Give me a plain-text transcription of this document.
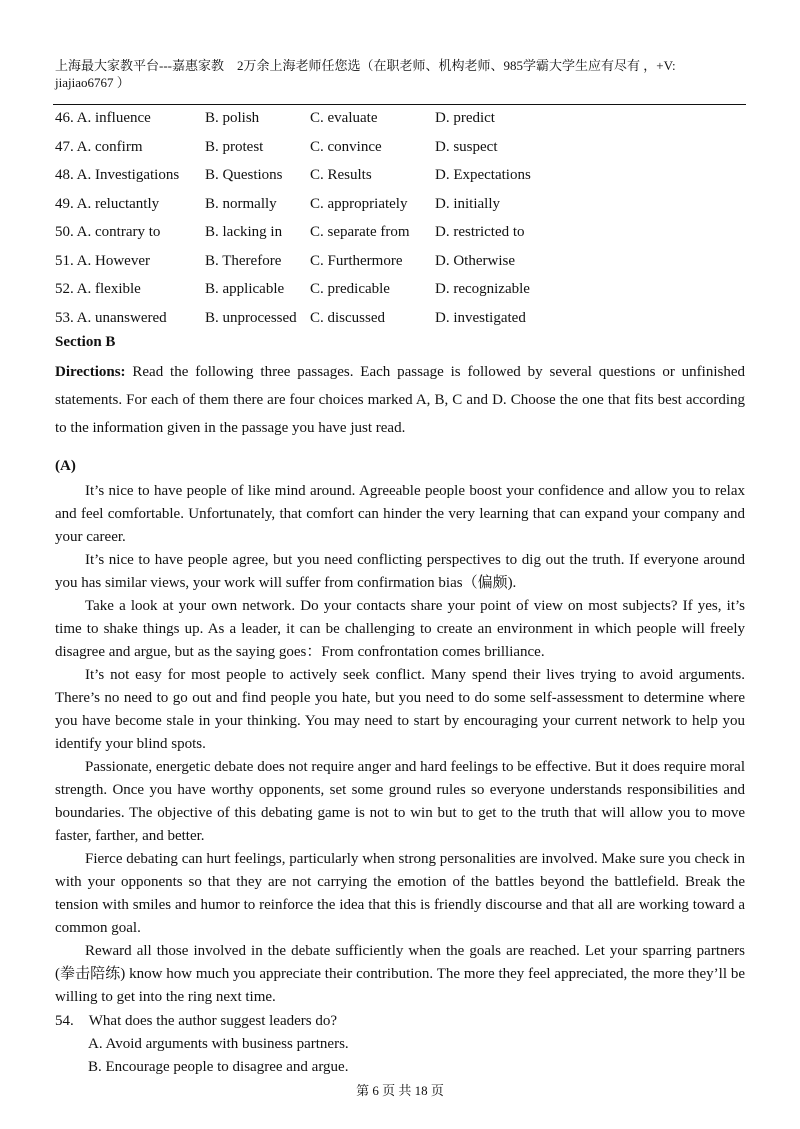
上海最大家教平台---嘉惠家教　2万余上海老师任您选（在职老师、机构老师、985学霸大学生应有尽有 ，+V:
jiajiao6767 ）
46. A. influence	B. polish	C. evaluate	D. predict
47. A. confirm	B. protest	C. convince	D. suspect
48. A. Investigations B. Questions C. Results	D. Expectations
49. A. reluctantly	B. normally C. appropriately D. initially
50. A. contrary to	B. lacking in C. separate from D. restricted to
51. A. However	B. Therefore C. Furthermore D. Otherwise
52. A. flexible	B. applicable C. predicable	D. recognizable
53. A. unanswered	B. unprocessed C. discussed	D. investigated
Section B
Directions: Read the following three passages. Each passage is followed by several questions or unfinished statements. For each of them there are four choices marked A, B, C and D. Choose the one that fits best according to the information given in the passage you have just read.
(A)

It’s nice to have people of like mind around. Agreeable people boost your confidence and allow you to relax and feel comfortable. Unfortunately, that comfort can hinder the very learning that can expand your company and your career.

It’s nice to have people agree, but you need conflicting perspectives to dig out the truth. If everyone around you has similar views, your work will suffer from confirmation bias（偏颇).

Take a look at your own network. Do your contacts share your point of view on most subjects? If yes, it’s time to shake things up. As a leader, it can be challenging to create an environment in which people will freely disagree and argue, but as the saying goes：From confrontation comes brilliance.

It’s not easy for most people to actively seek conflict. Many spend their lives trying to avoid arguments. There’s no need to go out and find people you hate, but you need to do some self-assessment to determine where you have become stale in your thinking. You may need to start by encouraging your current network to help you identify your blind spots.

Passionate, energetic debate does not require anger and hard feelings to be effective. But it does require moral strength. Once you have worthy opponents, set some ground rules so everyone understands responsibilities and boundaries. The objective of this debating game is not to win but to get to the truth that will allow you to move faster, farther, and better.

Fierce debating can hurt feelings, particularly when strong personalities are involved. Make sure you check in with your opponents so that they are not carrying the emotion of the battles beyond the battlefield. Break the tension with smiles and humor to reinforce the idea that this is friendly discourse and that all are working toward a common goal.

Reward all those involved in the debate sufficiently when the goals are reached. Let your sparring partners (拳击陪练) know how much you appreciate their contribution. The more they feel appreciated, the more they’ll be willing to get into the ring next time.

54.　What does the author suggest leaders do?
A. Avoid arguments with business partners.
B. Encourage people to disagree and argue.
第 6 页 共 18 页
